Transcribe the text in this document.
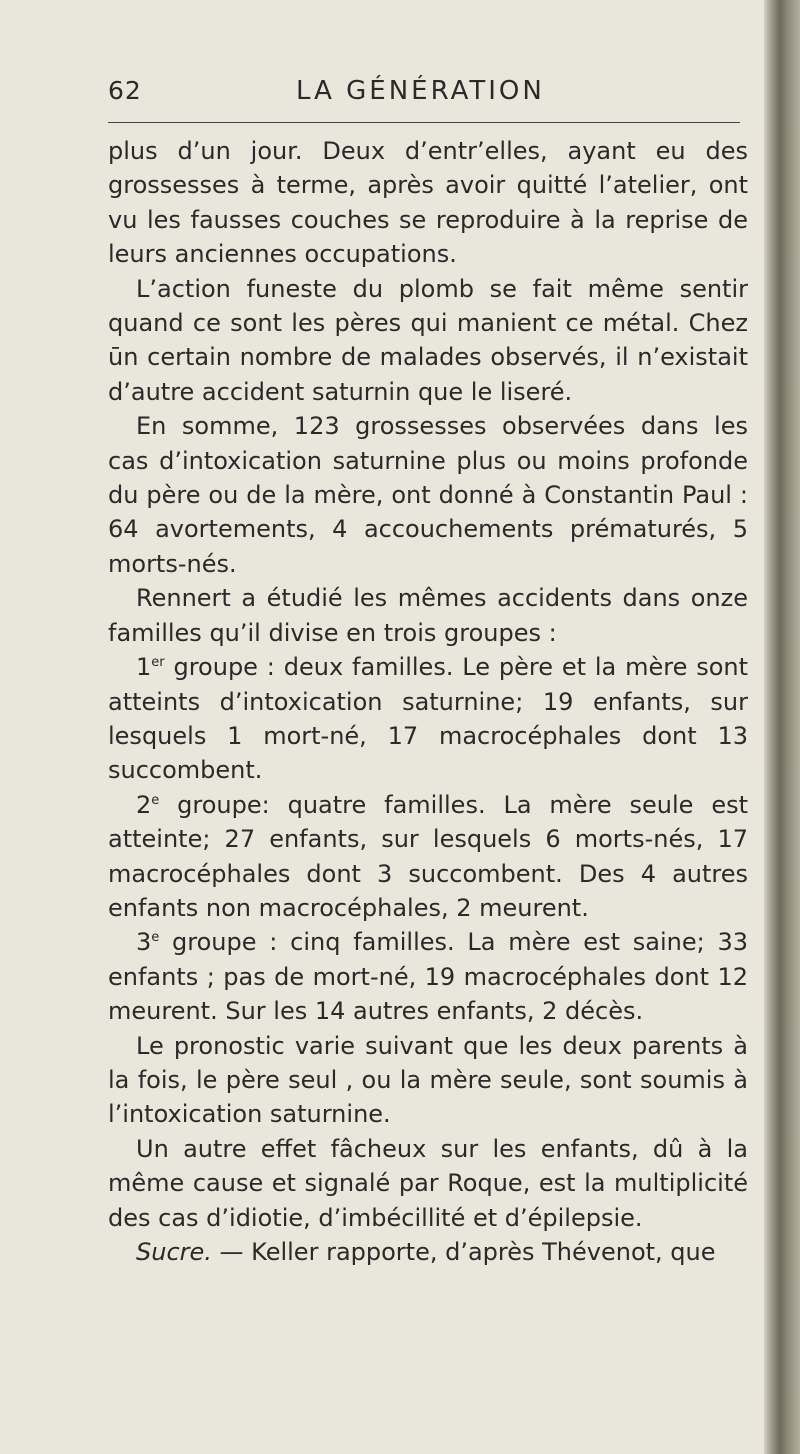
62	LA GÉNÉRATION

plus d’un jour. Deux d’entr’elles, ayant eu des grossesses à terme, après avoir quitté l’atelier, ont vu les fausses couches se reproduire à la reprise de leurs anciennes occupations.

L’action funeste du plomb se fait même sentir quand ce sont les pères qui manient ce métal. Chez ūn certain nombre de malades observés, il n’existait d’autre accident saturnin que le liseré.

En somme, 123 grossesses observées dans les cas d’intoxication saturnine plus ou moins profonde du père ou de la mère, ont donné à Constantin Paul : 64 avortements, 4 accouchements prématurés, 5 morts-nés.

Rennert a étudié les mêmes accidents dans onze familles qu’il divise en trois groupes :

1er groupe : deux familles. Le père et la mère sont atteints d’intoxication saturnine; 19 enfants, sur lesquels 1 mort-né, 17 macrocéphales dont 13 succombent.

2e groupe: quatre familles. La mère seule est atteinte; 27 enfants, sur lesquels 6 morts-nés, 17 macrocéphales dont 3 succombent. Des 4 autres enfants non macrocéphales, 2 meurent.

3e groupe : cinq familles. La mère est saine; 33 enfants ; pas de mort-né, 19 macrocéphales dont 12 meurent. Sur les 14 autres enfants, 2 décès.

Le pronostic varie suivant que les deux parents à la fois, le père seul , ou la mère seule, sont soumis à l’intoxication saturnine.

Un autre effet fâcheux sur les enfants, dû à la même cause et signalé par Roque, est la multiplicité des cas d’idiotie, d’imbécillité et d’épilepsie.

Sucre. — Keller rapporte, d’après Thévenot, que
